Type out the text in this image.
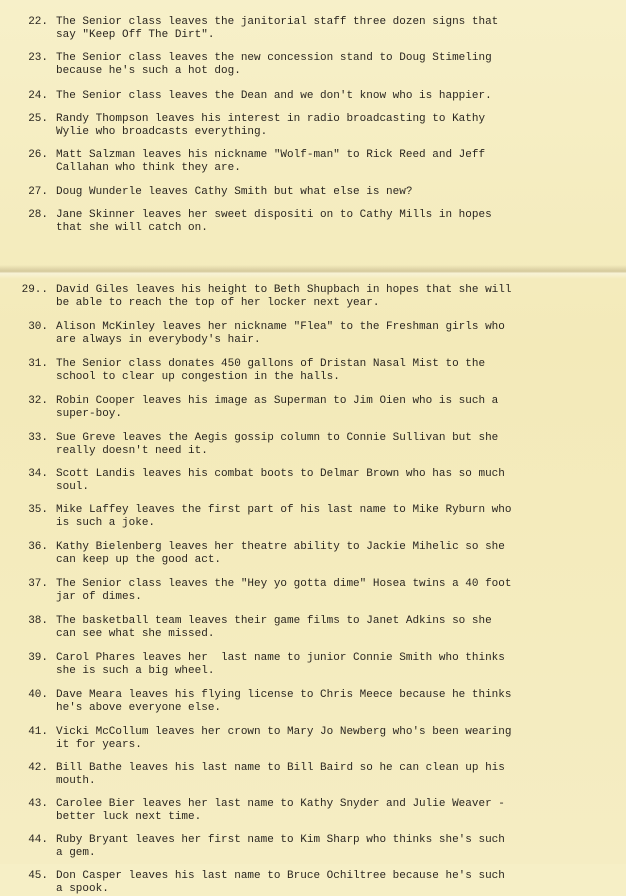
22. The Senior class leaves the janitorial staff three dozen signs that say "Keep Off The Dirt".
23. The Senior class leaves the new concession stand to Doug Stimeling because he's such a hot dog.
24. The Senior class leaves the Dean and we don't know who is happier.
25. Randy Thompson leaves his interest in radio broadcasting to Kathy Wylie who broadcasts everything.
26. Matt Salzman leaves his nickname "Wolf-man" to Rick Reed and Jeff Callahan who think they are.
27. Doug Wunderle leaves Cathy Smith but what else is new?
28. Jane Skinner leaves her sweet dispositi on to Cathy Mills in hopes that she will catch on.
29.. David Giles leaves his height to Beth Shupbach in hopes that she will be able to reach the top of her locker next year.
30. Alison McKinley leaves her nickname "Flea" to the Freshman girls who are always in everybody's hair.
31. The Senior class donates 450 gallons of Dristan Nasal Mist to the school to clear up congestion in the halls.
32. Robin Cooper leaves his image as Superman to Jim Oien who is such a super-boy.
33. Sue Greve leaves the Aegis gossip column to Connie Sullivan but she really doesn't need it.
34. Scott Landis leaves his combat boots to Delmar Brown who has so much soul.
35. Mike Laffey leaves the first part of his last name to Mike Ryburn who is such a joke.
36. Kathy Bielenberg leaves her theatre ability to Jackie Mihelic so she can keep up the good act.
37. The Senior class leaves the "Hey yo gotta dime" Hosea twins a 40 foot jar of dimes.
38. The basketball team leaves their game films to Janet Adkins so she can see what she missed.
39. Carol Phares leaves her  last name to junior Connie Smith who thinks she is such a big wheel.
40. Dave Meara leaves his flying license to Chris Meece because he thinks he's above everyone else.
41. Vicki McCollum leaves her crown to Mary Jo Newberg who's been wearing it for years.
42. Bill Bathe leaves his last name to Bill Baird so he can clean up his mouth.
43. Carolee Bier leaves her last name to Kathy Snyder and Julie Weaver - better luck next time.
44. Ruby Bryant leaves her first name to Kim Sharp who thinks she's such a gem.
45. Don Casper leaves his last name to Bruce Ochiltree because he's such a spook.
